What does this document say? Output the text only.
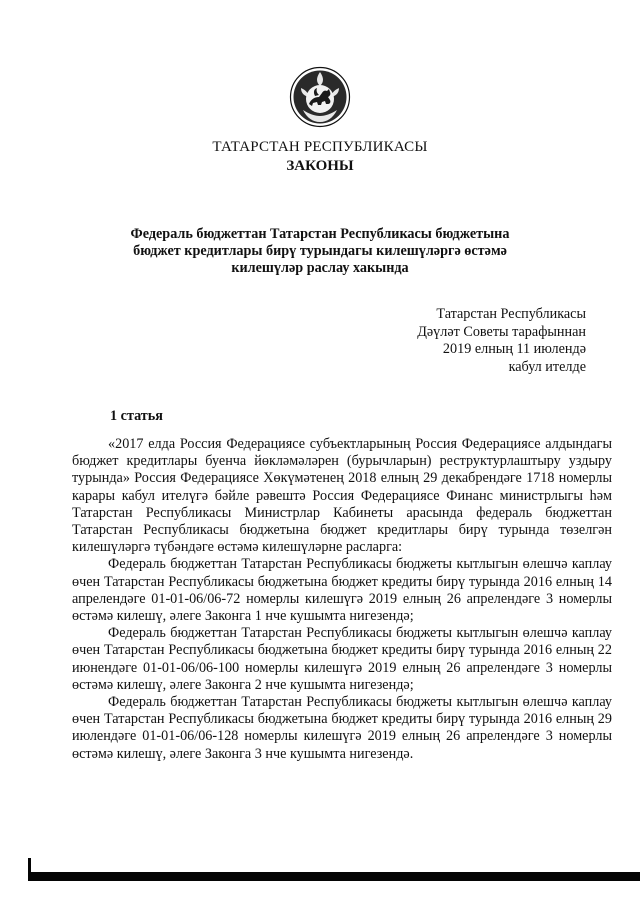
ТАТАРСТАН РЕСПУБЛИКАСЫ
ЗАКОНЫ
Федераль бюджеттан Татарстан Республикасы бюджетына
бюджет кредитлары бирү турындагы килешүләргә өстәмә
килешүләр раслау хакында
Татарстан Республикасы
Дәүләт Советы тарафыннан
2019 елның 11 июлендә
кабул ителде
1 статья

«2017 елда Россия Федерациясе субъектларының Россия Федерациясе алдындагы бюджет кредитлары буенча йөкләмәләрен (бурычларын) реструктурлаштыру уздыру турында» Россия Федерациясе Хөкүмәтенең 2018 елның 29 декабрендәге 1718 номерлы карары кабул ителүгә бәйле рәвештә Россия Федерациясе Финанс министрлыгы һәм Татарстан Республикасы Министрлар Кабинеты арасында федераль бюджеттан Татарстан Республикасы бюджетына бюджет кредитлары бирү турында төзелгән килешүләргә түбәндәге өстәмә килешүләрне расларга:

Федераль бюджеттан Татарстан Республикасы бюджеты кытлыгын өлешчә каплау өчен Татарстан Республикасы бюджетына бюджет кредиты бирү турында 2016 елның 14 апрелендәге 01-01-06/06-72 номерлы килешүгә 2019 елның 26 апрелендәге 3 номерлы өстәмә килешү, әлеге Законга 1 нче кушымта нигезендә;

Федераль бюджеттан Татарстан Республикасы бюджеты кытлыгын өлешчә каплау өчен Татарстан Республикасы бюджетына бюджет кредиты бирү турында 2016 елның 22 июнендәге 01-01-06/06-100 номерлы килешүгә 2019 елның 26 апрелендәге 3 номерлы өстәмә килешү, әлеге Законга 2 нче кушымта нигезендә;

Федераль бюджеттан Татарстан Республикасы бюджеты кытлыгын өлешчә каплау өчен Татарстан Республикасы бюджетына бюджет кредиты бирү турында 2016 елның 29 июлендәге 01-01-06/06-128 номерлы килешүгә 2019 елның 26 апрелендәге 3 номерлы өстәмә килешү, әлеге Законга 3 нче кушымта нигезендә.
